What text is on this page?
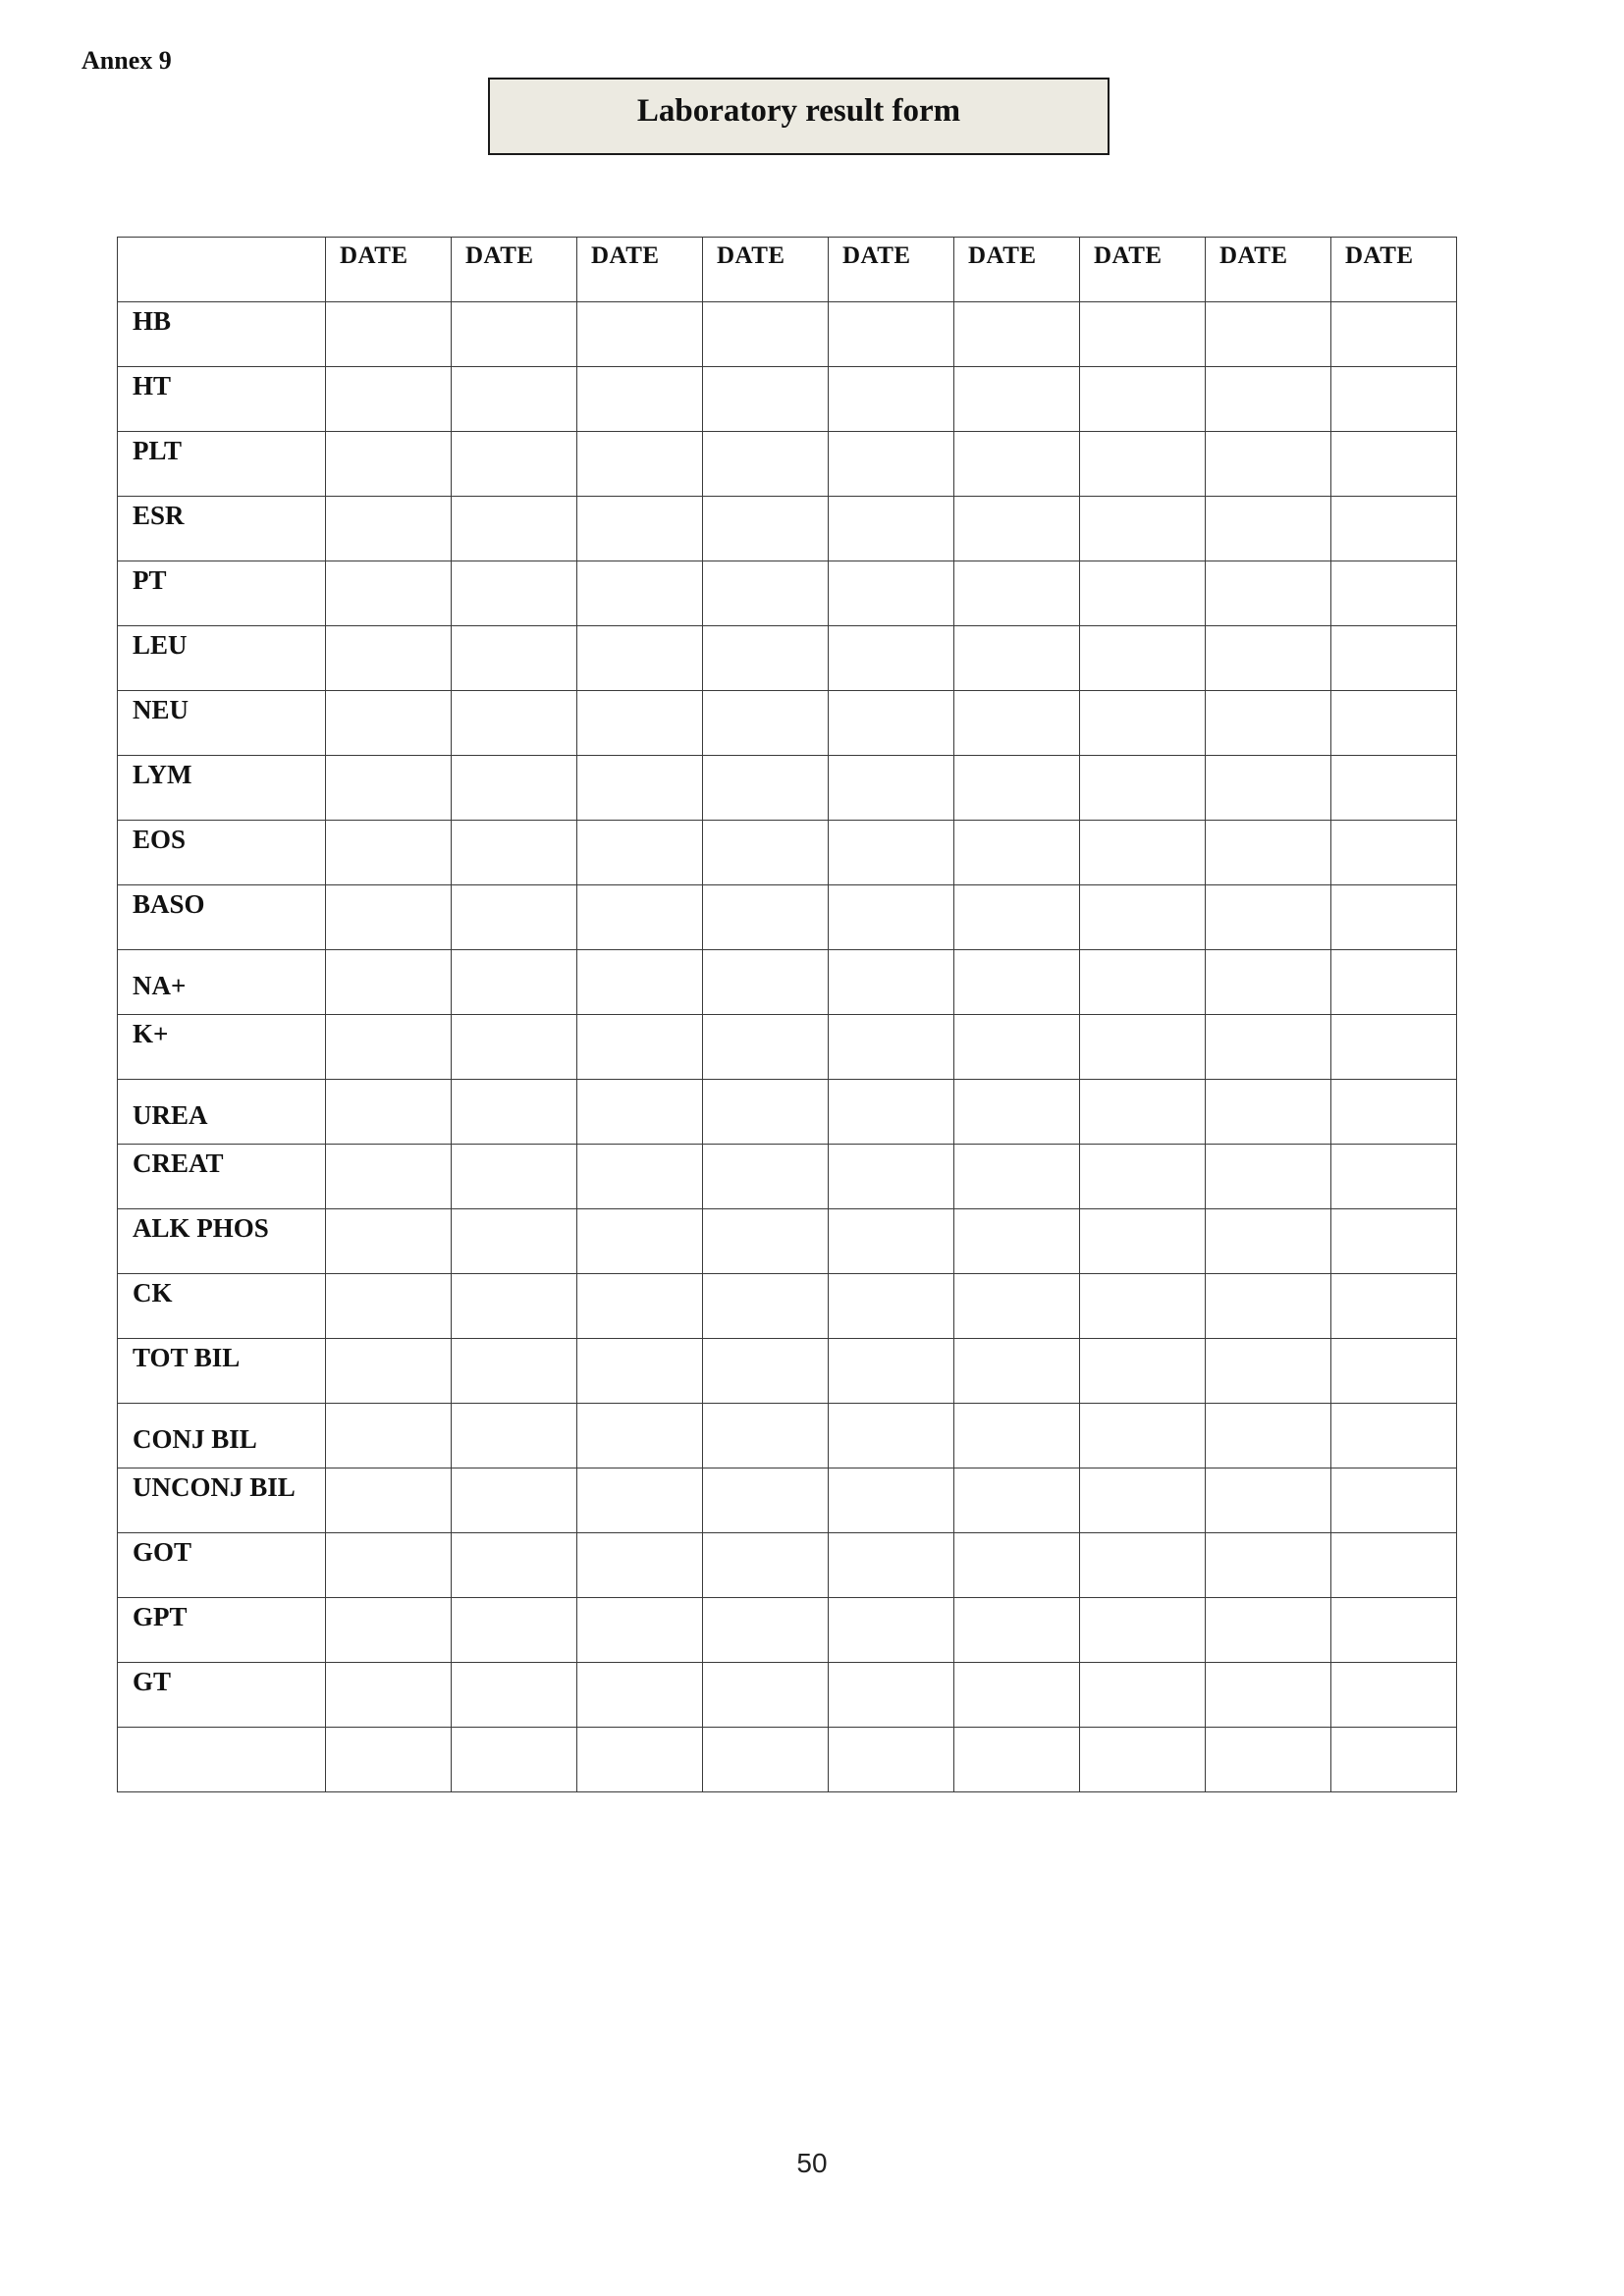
Annex 9
Laboratory result form

	DATE	DATE	DATE	DATE	DATE	DATE	DATE	DATE	DATE

HB									

HT									

PLT									

ESR									

PT									

LEU									

NEU									

LYM									

EOS									

BASO									

NA+									

K+									

UREA									

CREAT									

ALK PHOS									

CK									

TOT BIL									

CONJ BIL									

UNCONJ BIL									

GOT									

GPT									

GT									

50
